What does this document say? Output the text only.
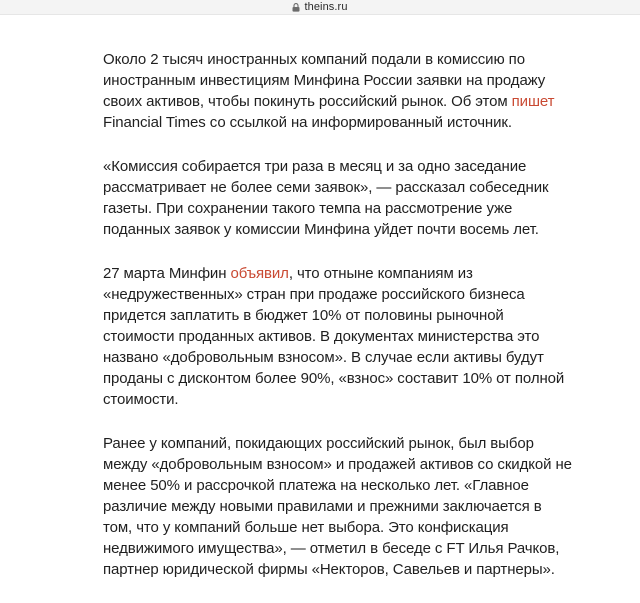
theins.ru

Около 2 тысяч иностранных компаний подали в комиссию по иностранным инвестициям Минфина России заявки на продажу своих активов, чтобы покинуть российский рынок. Об этом пишет Financial Times со ссылкой на информированный источник.

«Комиссия собирается три раза в месяц и за одно заседание рассматривает не более семи заявок», — рассказал собеседник газеты. При сохранении такого темпа на рассмотрение уже поданных заявок у комиссии Минфина уйдет почти восемь лет.

27 марта Минфин объявил, что отныне компаниям из «недружественных» стран при продаже российского бизнеса придется заплатить в бюджет 10% от половины рыночной стоимости проданных активов. В документах министерства это названо «добровольным взносом». В случае если активы будут проданы с дисконтом более 90%, «взнос» составит 10% от полной стоимости.

Ранее у компаний, покидающих российский рынок, был выбор между «добровольным взносом» и продажей активов со скидкой не менее 50% и рассрочкой платежа на несколько лет. «Главное различие между новыми правилами и прежними заключается в том, что у компаний больше нет выбора. Это конфискация недвижимого имущества», — отметил в беседе с FT Илья Рачков, партнер юридической фирмы «Некторов, Савельев и партнеры».
